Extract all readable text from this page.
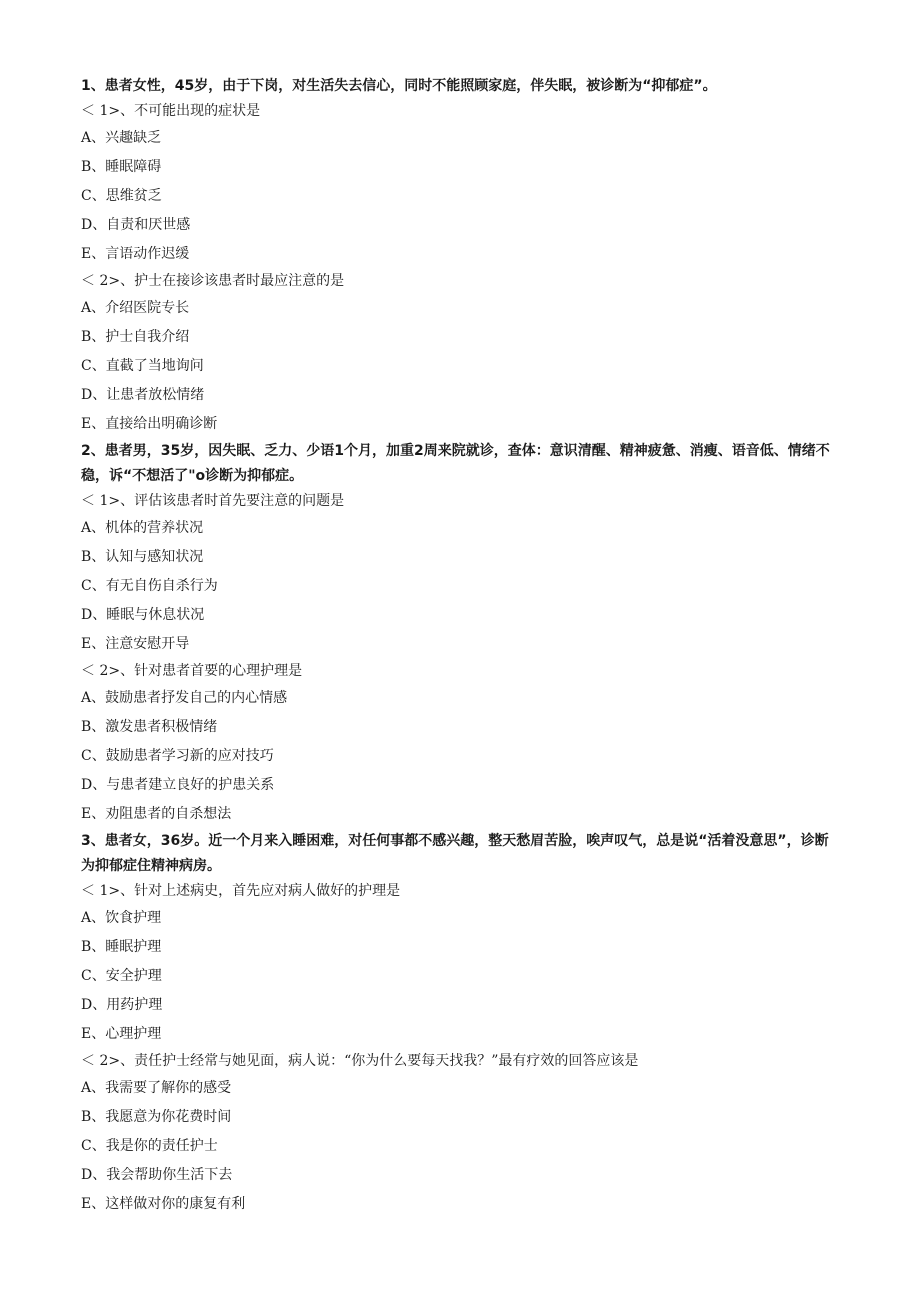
1、患者女性，45岁，由于下岗，对生活失去信心，同时不能照顾家庭，伴失眠，被诊断为“抑郁症”。

＜ 1>、不可能出现的症状是

A、兴趣缺乏

B、睡眠障碍

C、思维贫乏

D、自责和厌世感

E、言语动作迟缓

＜ 2>、护士在接诊该患者时最应注意的是

A、介绍医院专长

B、护士自我介绍

C、直截了当地询问

D、让患者放松情绪

E、直接给出明确诊断

2、患者男，35岁，因失眠、乏力、少语1个月，加重2周来院就诊，查体：意识清醒、精神疲惫、消瘦、语音低、情绪不稳，诉“不想活了"o诊断为抑郁症。

＜ 1>、评估该患者时首先要注意的问题是

A、机体的营养状况

B、认知与感知状况

C、有无自伤自杀行为

D、睡眠与休息状况

E、注意安慰开导

＜ 2>、针对患者首要的心理护理是

A、鼓励患者抒发自己的内心情感

B、激发患者积极情绪

C、鼓励患者学习新的应对技巧

D、与患者建立良好的护患关系

E、劝阻患者的自杀想法

3、患者女，36岁。近一个月来入睡困难，对任何事都不感兴趣，整天愁眉苦脸，唉声叹气，总是说“活着没意思”，诊断为抑郁症住精神病房。

＜ 1>、针对上述病史，首先应对病人做好的护理是

A、饮食护理

B、睡眠护理

C、安全护理

D、用药护理

E、心理护理

＜ 2>、责任护士经常与她见面，病人说：“你为什么要每天找我？”最有疗效的回答应该是

A、我需要了解你的感受

B、我愿意为你花费时间

C、我是你的责任护士

D、我会帮助你生活下去

E、这样做对你的康复有利
